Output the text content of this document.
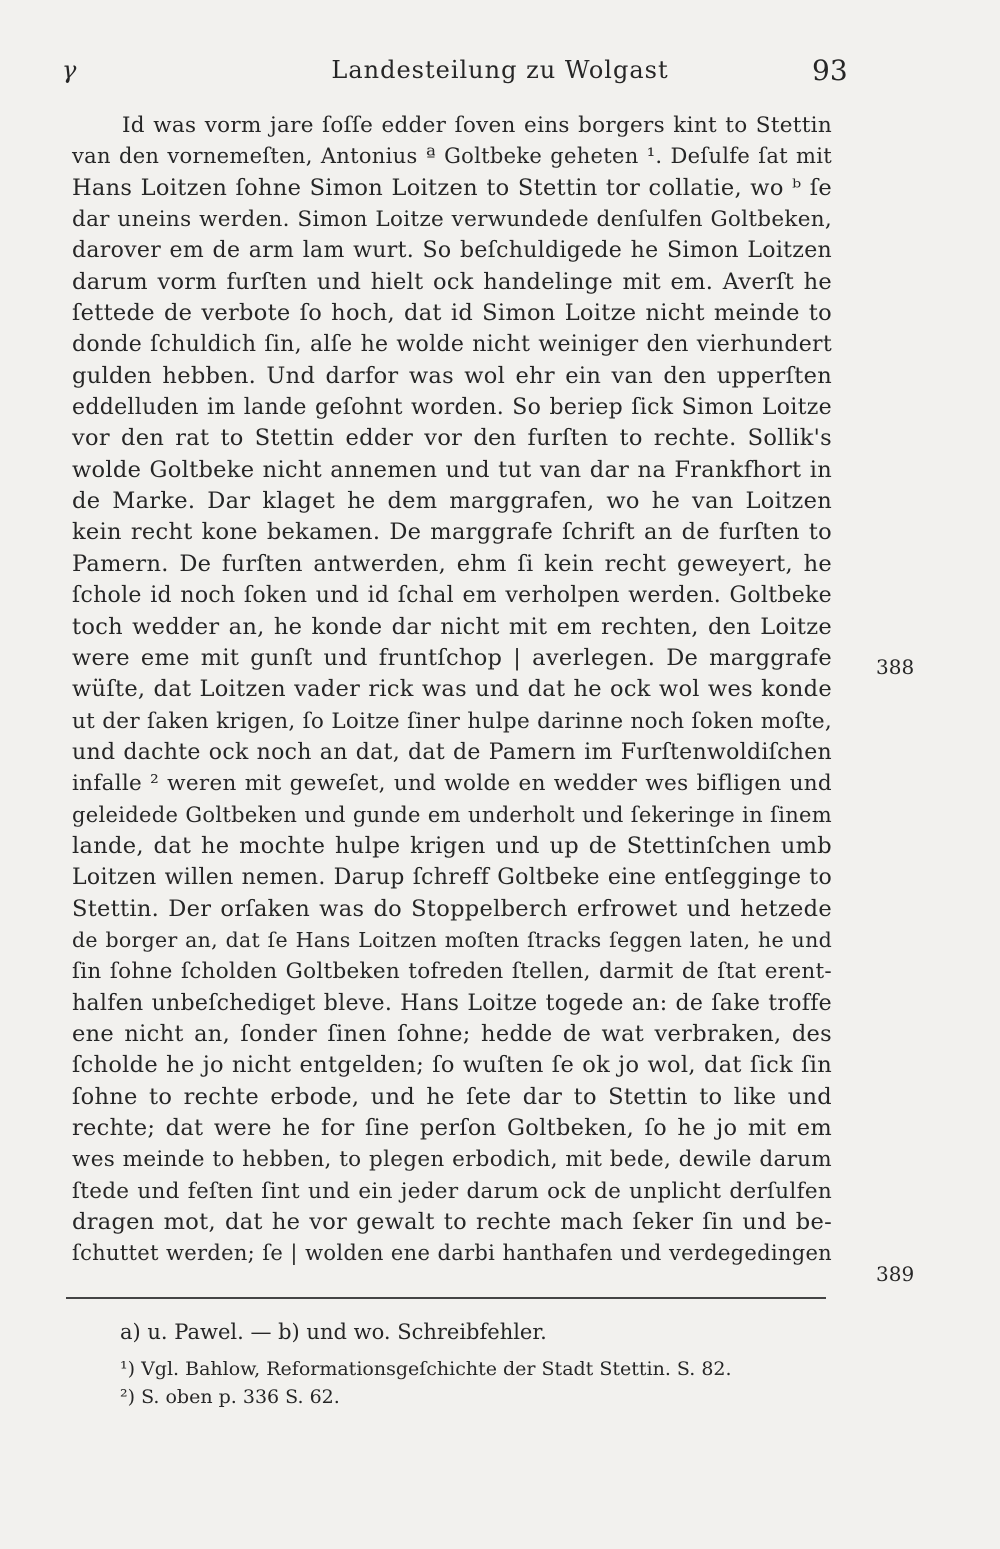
γ	Landesteilung zu Wolgast	93
Id was vorm jare ſoſſe edder ſoven eins borgers kint to Stettin
van den vornemeſten, Antonius ª Goltbeke geheten ¹. Deſulfe ſat mit
Hans Loitzen ſohne Simon Loitzen to Stettin tor collatie, wo ᵇ ſe
dar uneins werden. Simon Loitze verwundede denſulfen Goltbeken,
darover em de arm lam wurt. So beſchuldigede he Simon Loitzen
darum vorm furſten und hielt ock handelinge mit em. Averſt he
ſettede de verbote ſo hoch, dat id Simon Loitze nicht meinde to
donde ſchuldich ſin, alſe he wolde nicht weiniger den vierhundert
gulden hebben. Und darfor was wol ehr ein van den upperſten
eddelluden im lande geſohnt worden. So beriep ſick Simon Loitze
vor den rat to Stettin edder vor den furſten to rechte. Sollik's
wolde Goltbeke nicht annemen und tut van dar na Frankfhort in
de Marke. Dar klaget he dem marggrafen, wo he van Loitzen
kein recht kone bekamen. De marggrafe ſchrift an de furſten to
Pamern. De furſten antwerden, ehm ſi kein recht geweyert, he
ſchole id noch ſoken und id ſchal em verholpen werden. Goltbeke
toch wedder an, he konde dar nicht mit em rechten, den Loitze
were eme mit gunſt und fruntſchop | averlegen. De marggrafe
wüſte, dat Loitzen vader rick was und dat he ock wol wes konde
ut der ſaken krigen, ſo Loitze ſiner hulpe darinne noch ſoken moſte,
und dachte ock noch an dat, dat de Pamern im Furſtenwoldiſchen
infalle ² weren mit geweſet, und wolde en wedder wes bifligen und
geleidede Goltbeken und gunde em underholt und ſekeringe in ſinem
lande, dat he mochte hulpe krigen und up de Stettinſchen umb
Loitzen willen nemen. Darup ſchreff Goltbeke eine entſegginge to
Stettin. Der orſaken was do Stoppelberch erfrowet und hetzede
de borger an, dat ſe Hans Loitzen moſten ſtracks ſeggen laten, he und
ſin ſohne ſcholden Goltbeken tofreden ſtellen, darmit de ſtat erent-
halfen unbeſchediget bleve. Hans Loitze togede an: de ſake troffe
ene nicht an, ſonder ſinen ſohne; hedde de wat verbraken, des
ſcholde he jo nicht entgelden; ſo wuſten ſe ok jo wol, dat ſick ſin
ſohne to rechte erbode, und he ſete dar to Stettin to like und
rechte; dat were he for ſine perſon Goltbeken, ſo he jo mit em
wes meinde to hebben, to plegen erbodich, mit bede, dewile darum
ſtede und feſten ſint und ein jeder darum ock de unplicht derſulfen
dragen mot, dat he vor gewalt to rechte mach ſeker ſin und be-
ſchuttet werden; ſe | wolden ene darbi hanthafen und verdegedingen
388
389
a) u. Pawel. — b) und wo. Schreibfehler.
¹) Vgl. Bahlow, Reformationsgeſchichte der Stadt Stettin. S. 82.
²) S. oben p. 336 S. 62.
